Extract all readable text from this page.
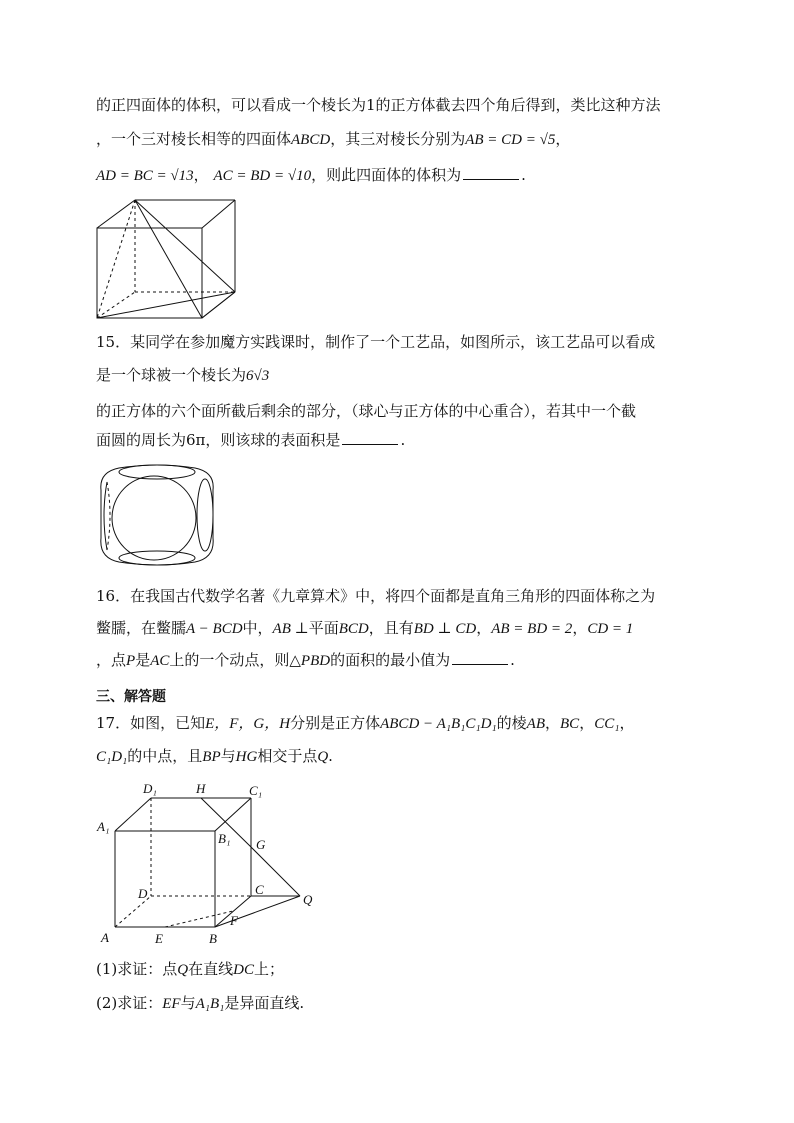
的正四面体的体积，可以看成一个棱长为1的正方体截去四个角后得到，类比这种方法
，一个三对棱长相等的四面体ABCD，其三对棱长分别为AB = CD = √5，
AD = BC = √13， AC = BD = √10，则此四面体的体积为	.
15．某同学在参加魔方实践课时，制作了一个工艺品，如图所示，该工艺品可以看成
是一个球被一个棱长为6√3
的正方体的六个面所截后剩余的部分，（球心与正方体的中心重合），若其中一个截
面圆的周长为6π，则该球的表面积是	.
16．在我国古代数学名著《九章算术》中，将四个面都是直角三角形的四面体称之为
鳖臑，在鳖臑A − BCD中，AB ⊥平面BCD，且有BD ⊥ CD，AB = BD = 2，CD = 1
，点P是AC上的一个动点，则△PBD的面积的最小值为	.
三、解答题
17．如图，已知E，F，G，H分别是正方体ABCD − A₁B₁C₁D₁的棱AB，BC，CC₁，
C₁D₁的中点，且BP与HG相交于点Q.
D₁	H	C₁
A₁
B₁ G
D	C
Q
F
A	E	B
(1)求证：点Q在直线DC上；
(2)求证：EF与A₁B₁是异面直线.
